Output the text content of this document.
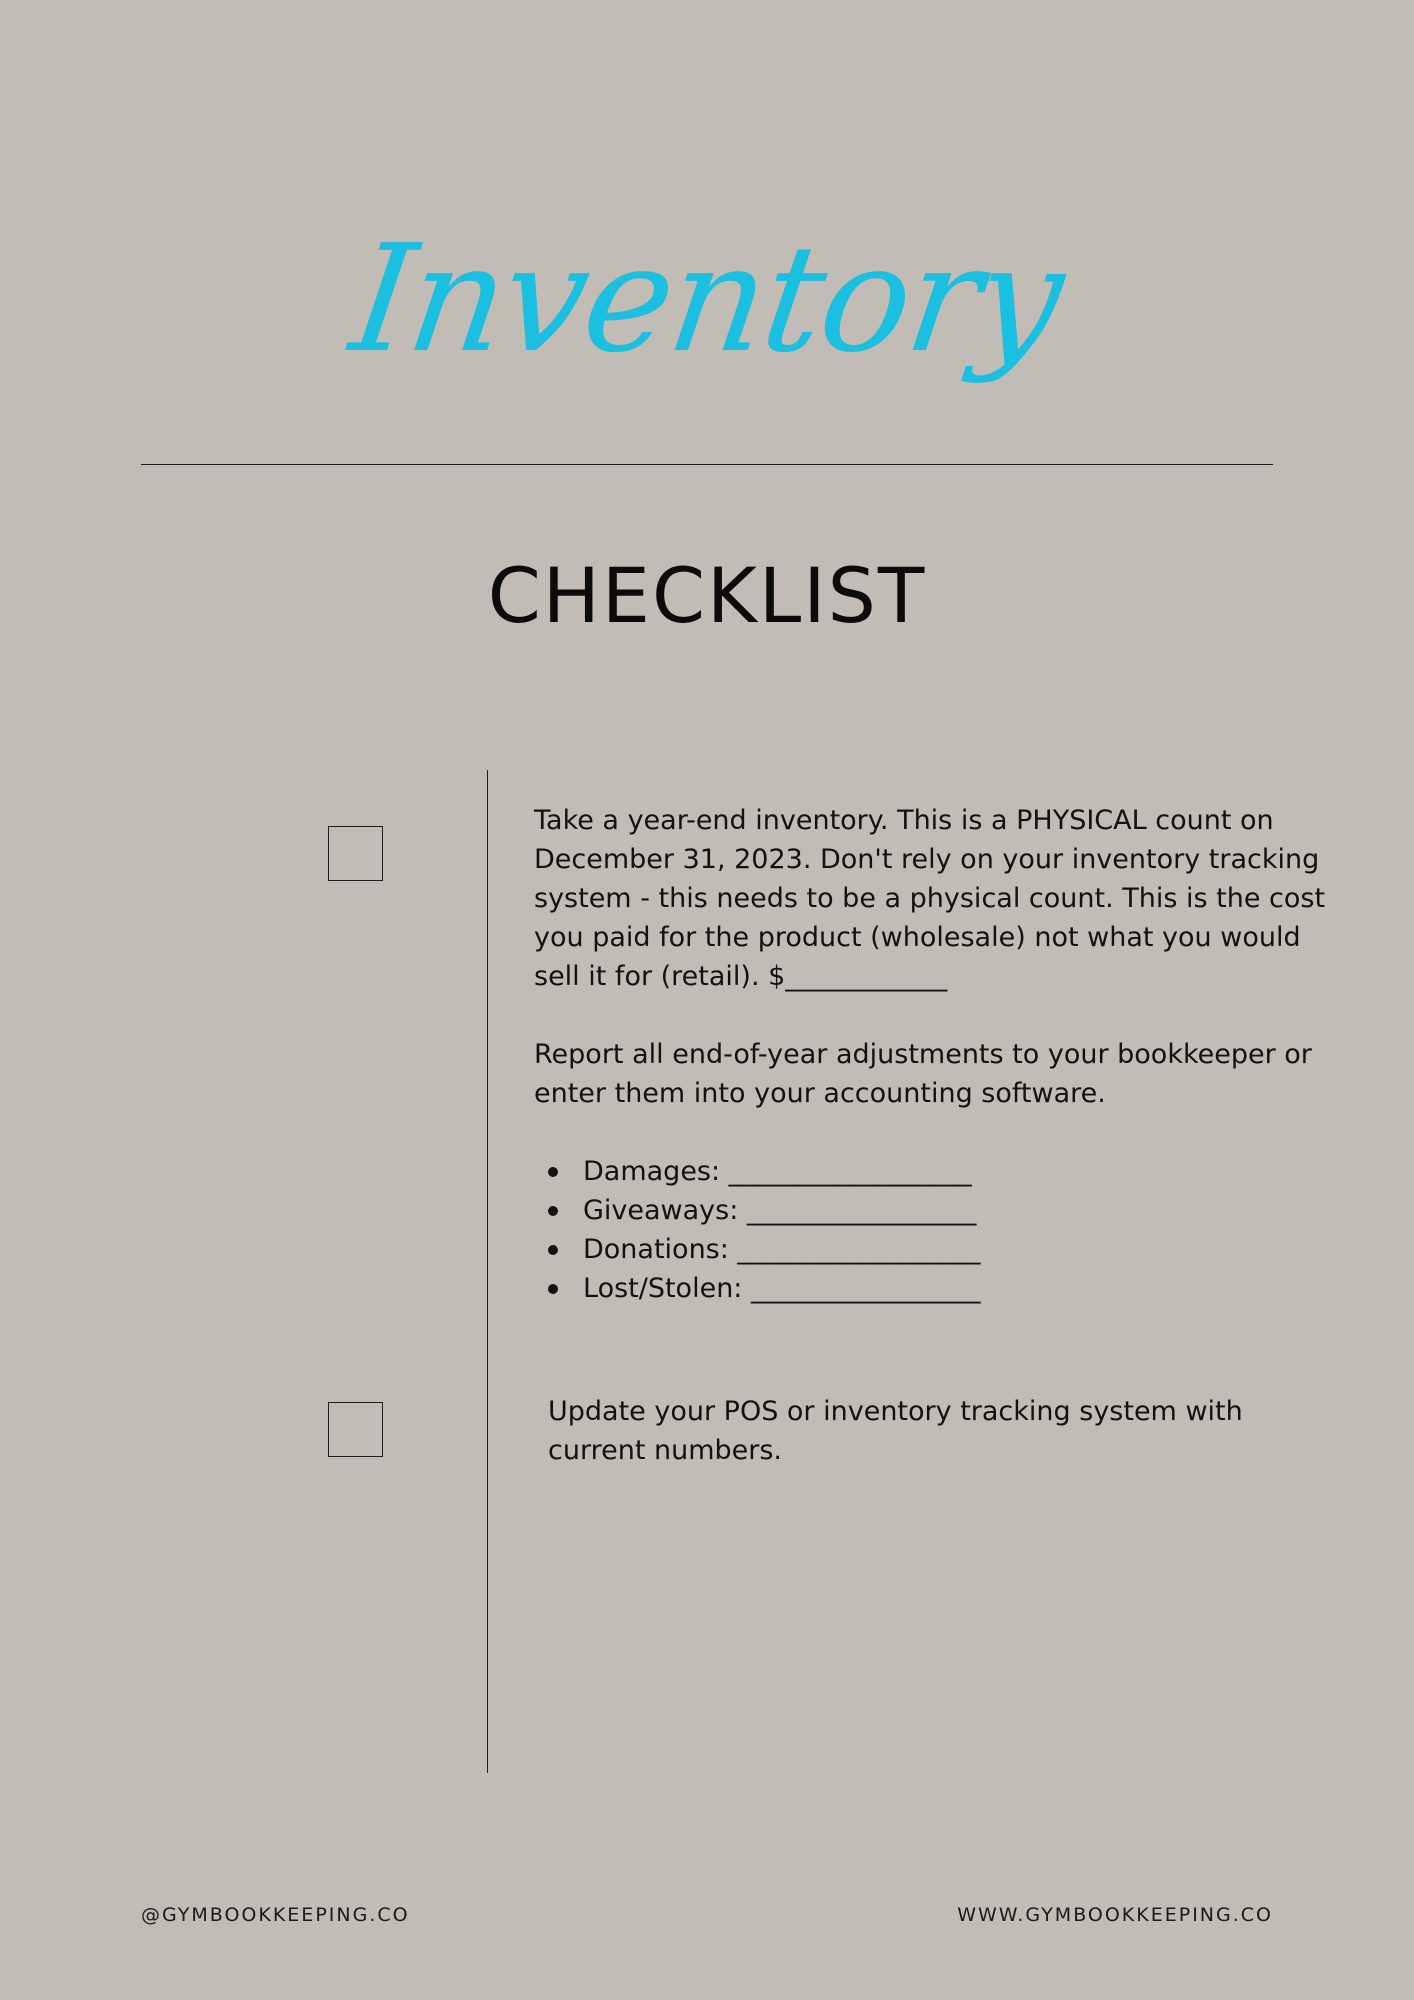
Inventory
CHECKLIST

Take a year-end inventory. This is a PHYSICAL count on
December 31, 2023. Don't rely on your inventory tracking
system - this needs to be a physical count. This is the cost
you paid for the product (wholesale) not what you would
sell it for (retail). $____________

Report all end-of-year adjustments to your bookkeeper or
enter them into your accounting software.

Damages: __________________
Giveaways: _________________
Donations: __________________
Lost/Stolen: _________________
Update your POS or inventory tracking system with
current numbers.
@GYMBOOKKEEPING.CO	WWW.GYMBOOKKEEPING.CO
